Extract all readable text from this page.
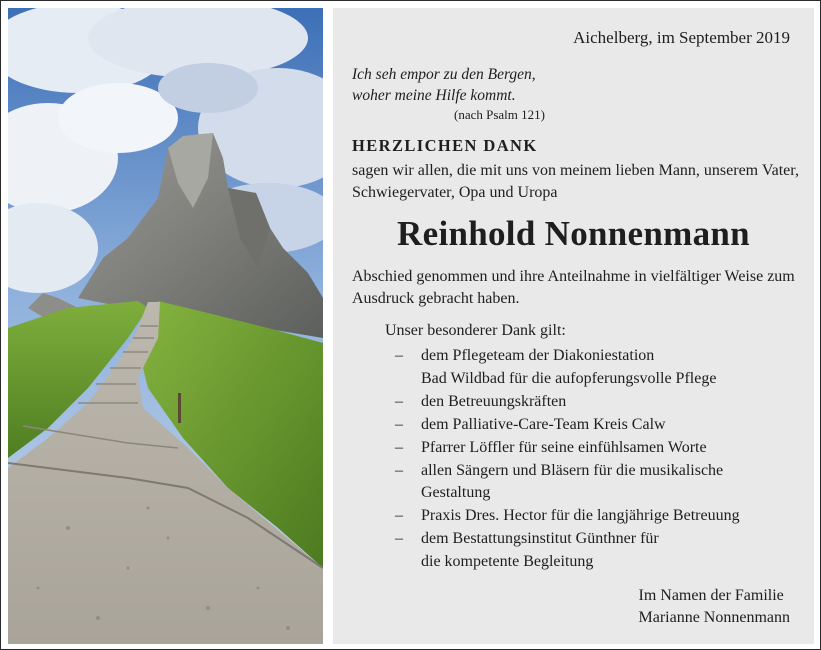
Aichelberg, im September 2019
Ich seh empor zu den Bergen,
woher meine Hilfe kommt.
(nach Psalm 121)
HERZLICHEN DANK
sagen wir allen, die mit uns von meinem lieben Mann, unserem Vater, Schwiegervater, Opa und Uropa
Reinhold Nonnenmann
Abschied genommen und ihre Anteilnahme in vielfältiger Weise zum Ausdruck gebracht haben.
Unser besonderer Dank gilt:
– dem Pflegeteam der Diakoniestation
Bad Wildbad für die aufopferungsvolle Pflege
– den Betreuungskräften
– dem Palliative-Care-Team Kreis Calw
– Pfarrer Löffler für seine einfühlsamen Worte
– allen Sängern und Bläsern für die musikalische
Gestaltung
– Praxis Dres. Hector für die langjährige Betreuung
– dem Bestattungsinstitut Günthner für
die kompetente Begleitung
Im Namen der Familie
Marianne Nonnenmann
